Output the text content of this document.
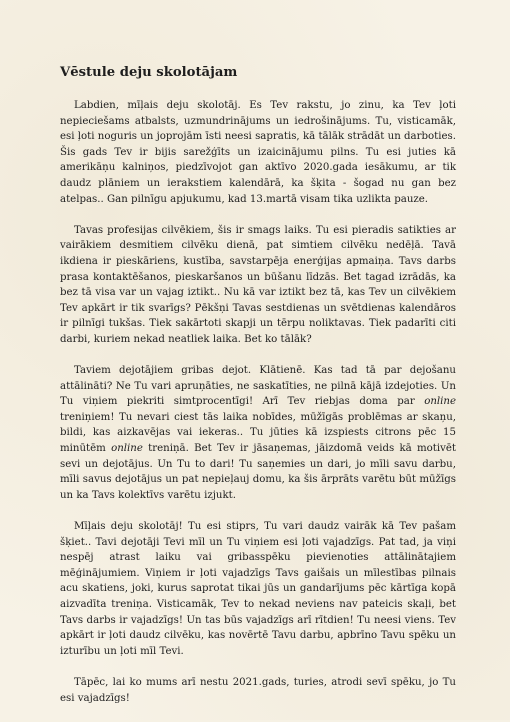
Vēstule deju skolotājam
Labdien, mīļais deju skolotāj. Es Tev rakstu, jo zinu, ka Tev ļoti nepieciešams atbalsts, uzmundrinājums un iedrošinājums. Tu, visticamāk, esi ļoti noguris un joprojām īsti neesi sapratis, kā tālāk strādāt un darboties. Šis gads Tev ir bijis sarežģīts un izaicinājumu pilns. Tu esi juties kā amerikāņu kalniņos, piedzīvojot gan aktīvo 2020.gada iesākumu, ar tik daudz plāniem un ierakstiem kalendārā, ka šķita - šogad nu gan bez atelpas.. Gan pilnīgu apjukumu, kad 13.martā visam tika uzlikta pauze.
Tavas profesijas cilvēkiem, šis ir smags laiks. Tu esi pieradis satikties ar vairākiem desmitiem cilvēku dienā, pat simtiem cilvēku nedēļā. Tavā ikdiena ir pieskāriens, kustība, savstarpēja enerģijas apmaiņa. Tavs darbs prasa kontaktēšanos, pieskaršanos un būšanu līdzās. Bet tagad izrādās, ka bez tā visa var un vajag iztikt.. Nu kā var iztikt bez tā, kas Tev un cilvēkiem Tev apkārt ir tik svarīgs? Pēkšņi Tavas sestdienas un svētdienas kalendāros ir pilnīgi tukšas. Tiek sakārtoti skapji un tērpu noliktavas. Tiek padarīti citi darbi, kuriem nekad neatliek laika. Bet ko tālāk?
Taviem dejotājiem gribas dejot. Klātienē. Kas tad tā par dejošanu attālināti? Ne Tu vari apruņāties, ne saskatīties, ne pilnā kājā izdejoties. Un Tu viņiem piekriti simtprocentīgi! Arī Tev riebjas doma par online treniņiem! Tu nevari ciest tās laika nobīdes, mūžīgās problēmas ar skaņu, bildi, kas aizkavējas vai iekeras.. Tu jūties kā izspiests citrons pēc 15 minūtēm online treniņā. Bet Tev ir jāsaņemas, jāizdomā veids kā motivēt sevi un dejotājus. Un Tu to dari! Tu saņemies un dari, jo mīli savu darbu, mīli savus dejotājus un pat nepieļauj domu, ka šis ārprāts varētu būt mūžīgs un ka Tavs kolektīvs varētu izjukt.
Mīļais deju skolotāj! Tu esi stiprs, Tu vari daudz vairāk kā Tev pašam šķiet.. Tavi dejotāji Tevi mīl un Tu viņiem esi ļoti vajadzīgs. Pat tad, ja viņi nespēj atrast laiku vai gribasspēku pievienoties attālinātajiem mēģinājumiem. Viņiem ir ļoti vajadzīgs Tavs gaišais un mīlestības pilnais acu skatiens, joki, kurus saprotat tikai jūs un gandarījums pēc kārtīga kopā aizvadīta treniņa. Visticamāk, Tev to nekad neviens nav pateicis skaļi, bet Tavs darbs ir vajadzīgs! Un tas būs vajadzīgs arī rītdien! Tu neesi viens. Tev apkārt ir ļoti daudz cilvēku, kas novērtē Tavu darbu, apbrīno Tavu spēku un izturību un ļoti mīl Tevi.
Tāpēc, lai ko mums arī nestu 2021.gads, turies, atrodi sevī spēku, jo Tu esi vajadzīgs!
